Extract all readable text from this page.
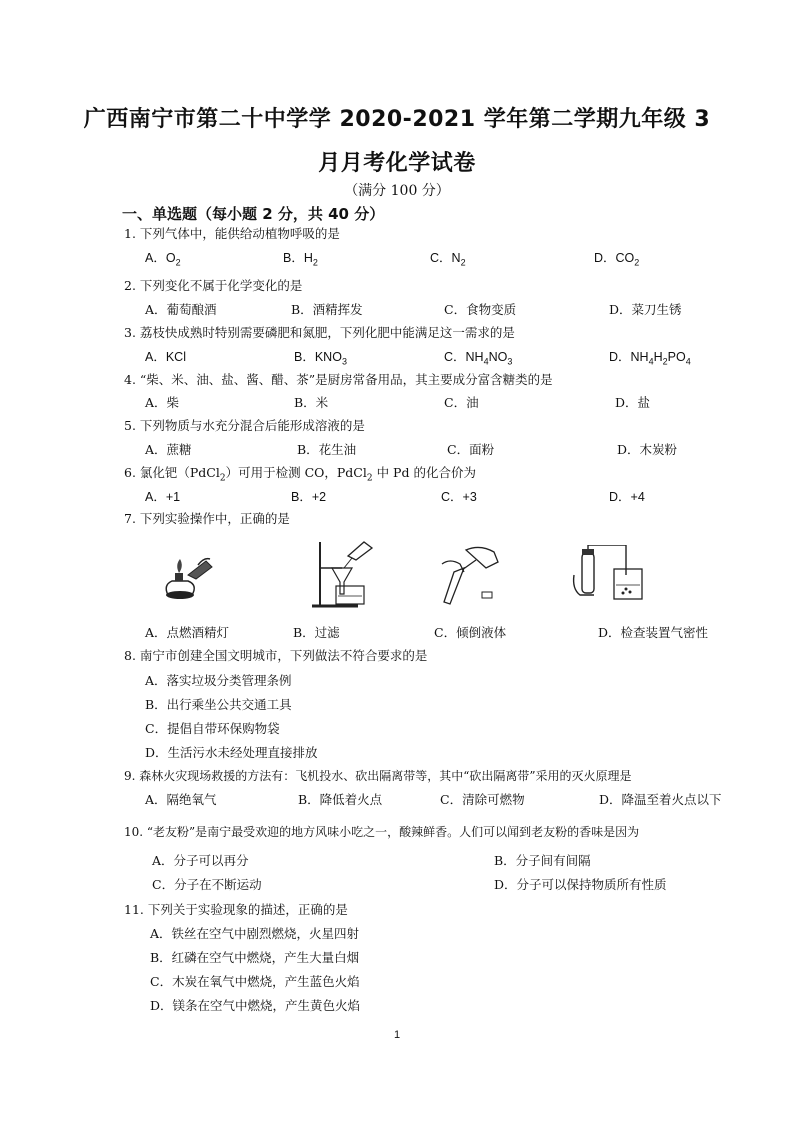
广西南宁市第二十中学学 2020-2021 学年第二学期九年级 3
月月考化学试卷
（满分 100 分）
一、单选题（每小题 2 分，共 40 分）
1. 下列气体中，能供给动植物呼吸的是
A．$O_2$	B．$H_2$	C．$N_2$	D．$CO_2$
2. 下列变化不属于化学变化的是
A．葡萄酿酒	B．酒精挥发	C．食物变质	D．菜刀生锈
3. 荔枝快成熟时特别需要磷肥和氮肥，下列化肥中能满足这一需求的是
A．KCl	B．$KNO_3$	C．$NH_4NO_3$	D．$NH_4H_2PO_4$
4. “柴、米、油、盐、酱、醋、茶”是厨房常备用品，其主要成分富含糖类的是
A．柴	B．米	C．油	D．盐
5. 下列物质与水充分混合后能形成溶液的是
A．蔗糖	B．花生油	C．面粉	D．木炭粉
6. 氯化钯（PdCl$_2$）可用于检测 CO，PdCl$_2$ 中 Pd 的化合价为
A．+1	B．+2	C．+3	D．+4
7. 下列实验操作中，正确的是
A．点燃酒精灯	B．过滤	C．倾倒液体	D．检查装置气密性
8. 南宁市创建全国文明城市，下列做法不符合要求的是
A．落实垃圾分类管理条例
B．出行乘坐公共交通工具
C．提倡自带环保购物袋
D．生活污水未经处理直接排放
9. 森林火灾现场救援的方法有：飞机投水、砍出隔离带等，其中“砍出隔离带”采用的灭火原理是
A．隔绝氧气	B．降低着火点	C．清除可燃物	D．降温至着火点以下
10. “老友粉”是南宁最受欢迎的地方风味小吃之一，酸辣鲜香。人们可以闻到老友粉的香味是因为
A．分子可以再分	B．分子间有间隔
C．分子在不断运动	D．分子可以保持物质所有性质
11. 下列关于实验现象的描述，正确的是
A．铁丝在空气中剧烈燃烧，火星四射
B．红磷在空气中燃烧，产生大量白烟
C．木炭在氧气中燃烧，产生蓝色火焰
D．镁条在空气中燃烧，产生黄色火焰
1
